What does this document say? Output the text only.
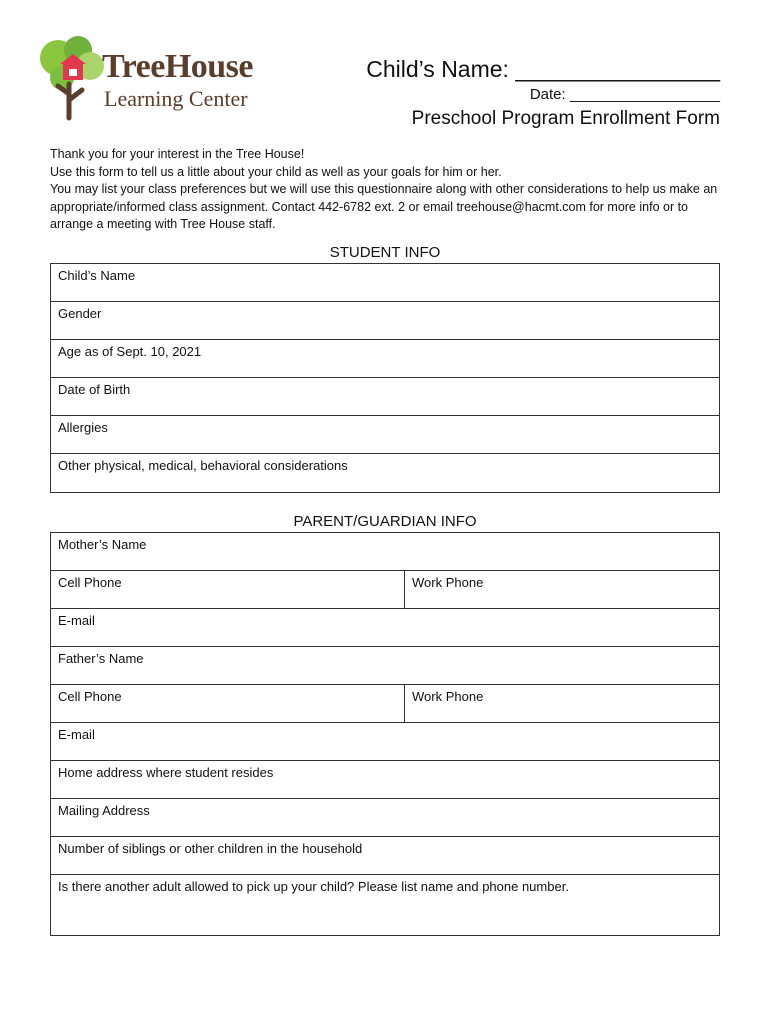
TreeHouse
Learning Center
Child’s Name: ________________
Date: __________________
Preschool Program Enrollment Form

Thank you for your interest in the Tree House!

Use this form to tell us a little about your child as well as your goals for him or her.

You may list your class preferences but we will use this questionnaire along with other considerations to help us make an appropriate/informed class assignment. Contact 442-6782 ext. 2 or email treehouse@hacmt.com for more info or to arrange a meeting with Tree House staff.

STUDENT INFO
Child’s Name
Gender
Age as of Sept. 10, 2021
Date of Birth
Allergies
Other physical, medical, behavioral considerations
PARENT/GUARDIAN INFO
Mother’s Name
Cell Phone	Work Phone
E-mail
Father’s Name
Cell Phone	Work Phone
E-mail
Home address where student resides
Mailing Address
Number of siblings or other children in the household
Is there another adult allowed to pick up your child? Please list name and phone number.
